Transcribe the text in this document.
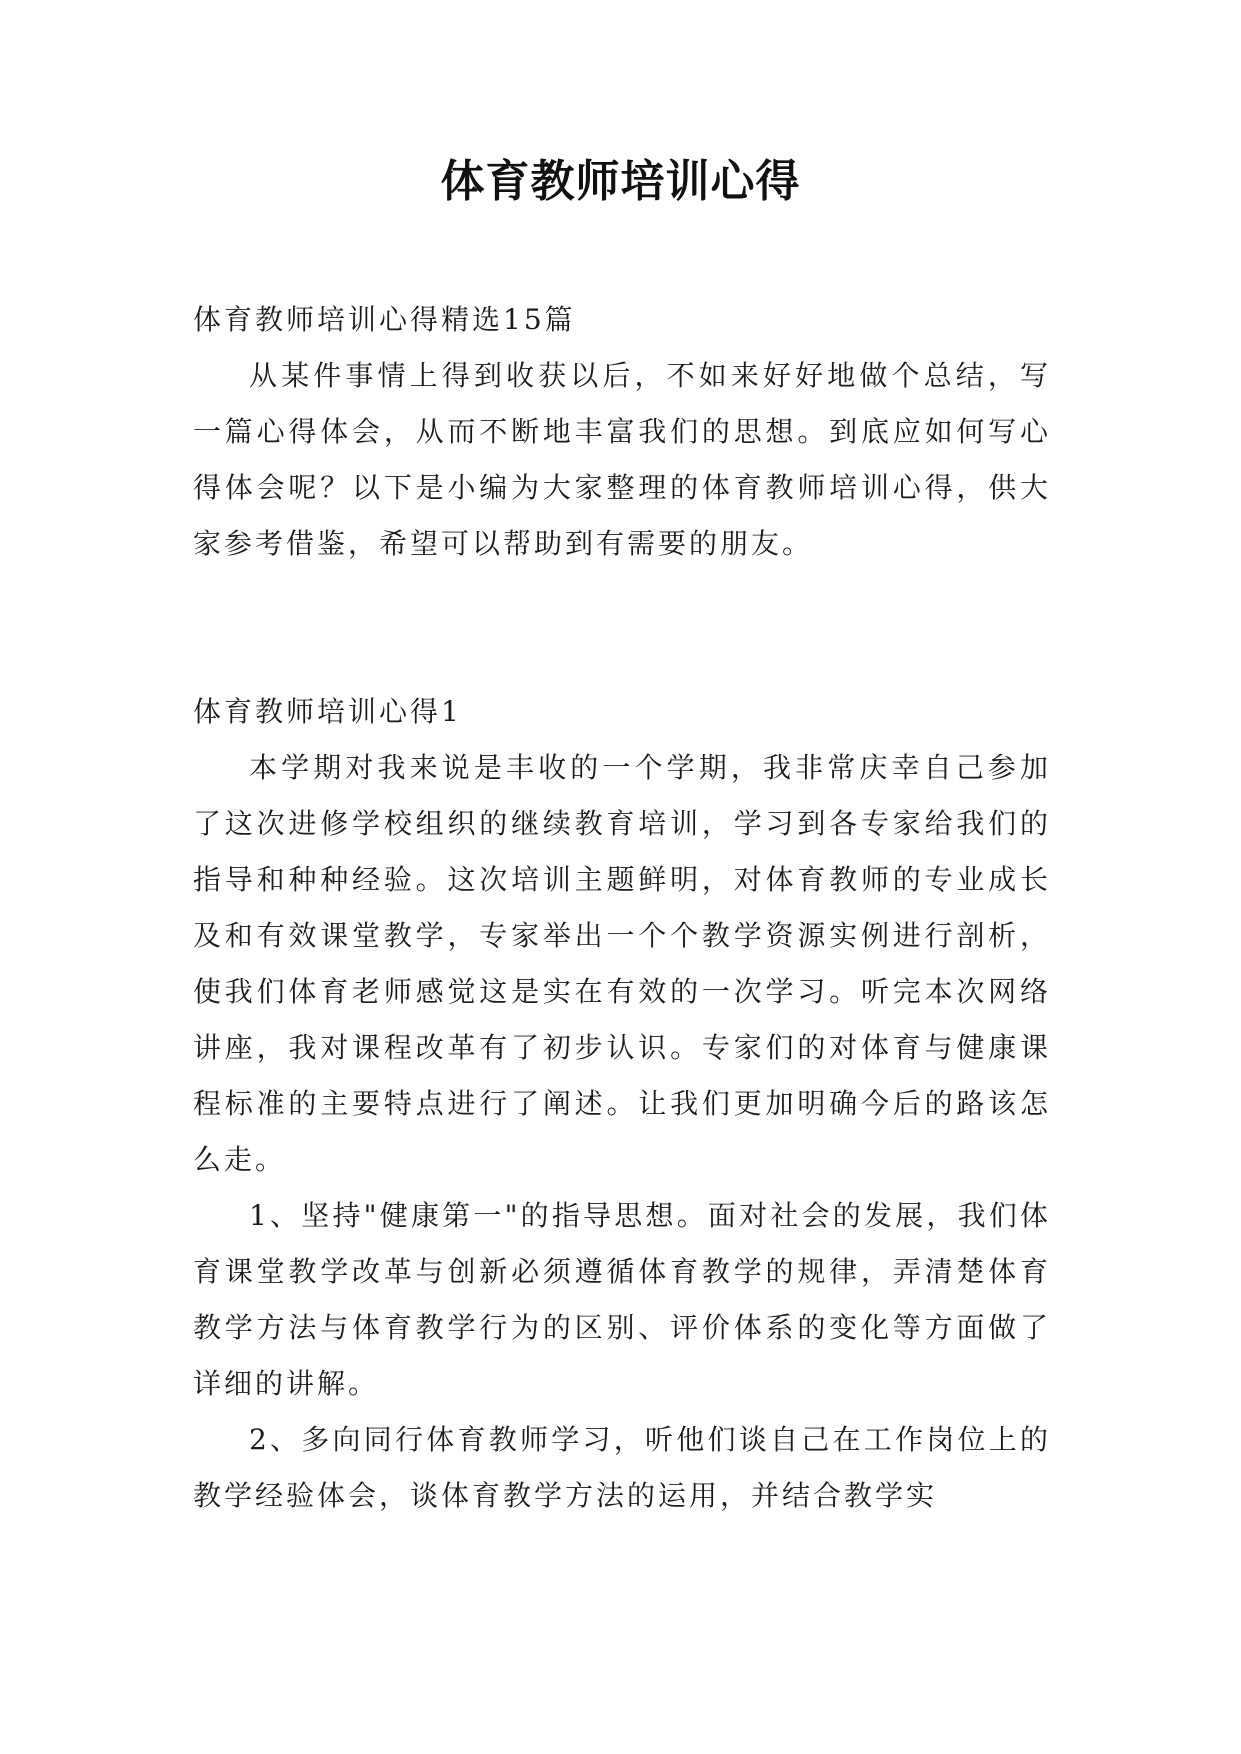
体育教师培训心得

体育教师培训心得精选15篇

从某件事情上得到收获以后，不如来好好地做个总结，写一篇心得体会，从而不断地丰富我们的思想。到底应如何写心得体会呢？以下是小编为大家整理的体育教师培训心得，供大家参考借鉴，希望可以帮助到有需要的朋友。

体育教师培训心得1

本学期对我来说是丰收的一个学期，我非常庆幸自己参加了这次进修学校组织的继续教育培训，学习到各专家给我们的指导和种种经验。这次培训主题鲜明，对体育教师的专业成长及和有效课堂教学，专家举出一个个教学资源实例进行剖析，使我们体育老师感觉这是实在有效的一次学习。听完本次网络讲座，我对课程改革有了初步认识。专家们的对体育与健康课程标准的主要特点进行了阐述。让我们更加明确今后的路该怎么走。

1、坚持"健康第一"的指导思想。面对社会的发展，我们体育课堂教学改革与创新必须遵循体育教学的规律，弄清楚体育教学方法与体育教学行为的区别、评价体系的变化等方面做了详细的讲解。

2、多向同行体育教师学习，听他们谈自己在工作岗位上的教学经验体会，谈体育教学方法的运用，并结合教学实
